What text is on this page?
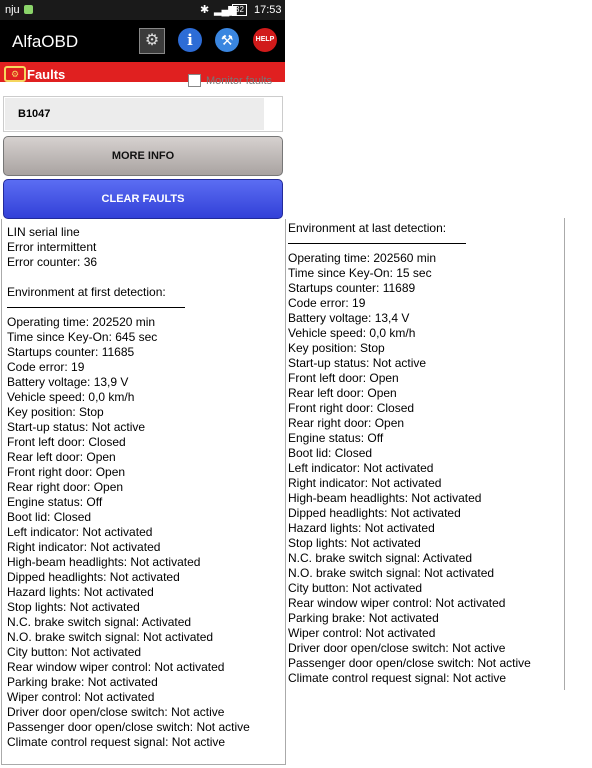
nju	✱ ▂▄▆ 32 17:53
AlfaOBD	⚙	i	⚒	HELP
⚙ Faults	Monitor faults
B1047
MORE INFO
CLEAR FAULTS
LIN serial line
Error intermittent
Error counter: 36
Environment at first detection:
Operating time: 202520 min
Time since Key-On: 645 sec
Startups counter: 11685
Code error: 19
Battery voltage: 13,9 V
Vehicle speed: 0,0 km/h
Key position: Stop
Start-up status: Not active
Front left door: Closed
Rear left door: Open
Front right door: Open
Rear right door: Open
Engine status: Off
Boot lid: Closed
Left indicator: Not activated
Right indicator: Not activated
High-beam headlights: Not activated
Dipped headlights: Not activated
Hazard lights: Not activated
Stop lights: Not activated
N.C. brake switch signal: Activated
N.O. brake switch signal: Not activated
City button: Not activated
Rear window wiper control: Not activated
Parking brake: Not activated
Wiper control: Not activated
Driver door open/close switch: Not active
Passenger door open/close switch: Not active
Climate control request signal: Not active
Environment at last detection:
Operating time: 202560 min
Time since Key-On: 15 sec
Startups counter: 11689
Code error: 19
Battery voltage: 13,4 V
Vehicle speed: 0,0 km/h
Key position: Stop
Start-up status: Not active
Front left door: Open
Rear left door: Open
Front right door: Closed
Rear right door: Open
Engine status: Off
Boot lid: Closed
Left indicator: Not activated
Right indicator: Not activated
High-beam headlights: Not activated
Dipped headlights: Not activated
Hazard lights: Not activated
Stop lights: Not activated
N.C. brake switch signal: Activated
N.O. brake switch signal: Not activated
City button: Not activated
Rear window wiper control: Not activated
Parking brake: Not activated
Wiper control: Not activated
Driver door open/close switch: Not active
Passenger door open/close switch: Not active
Climate control request signal: Not active
